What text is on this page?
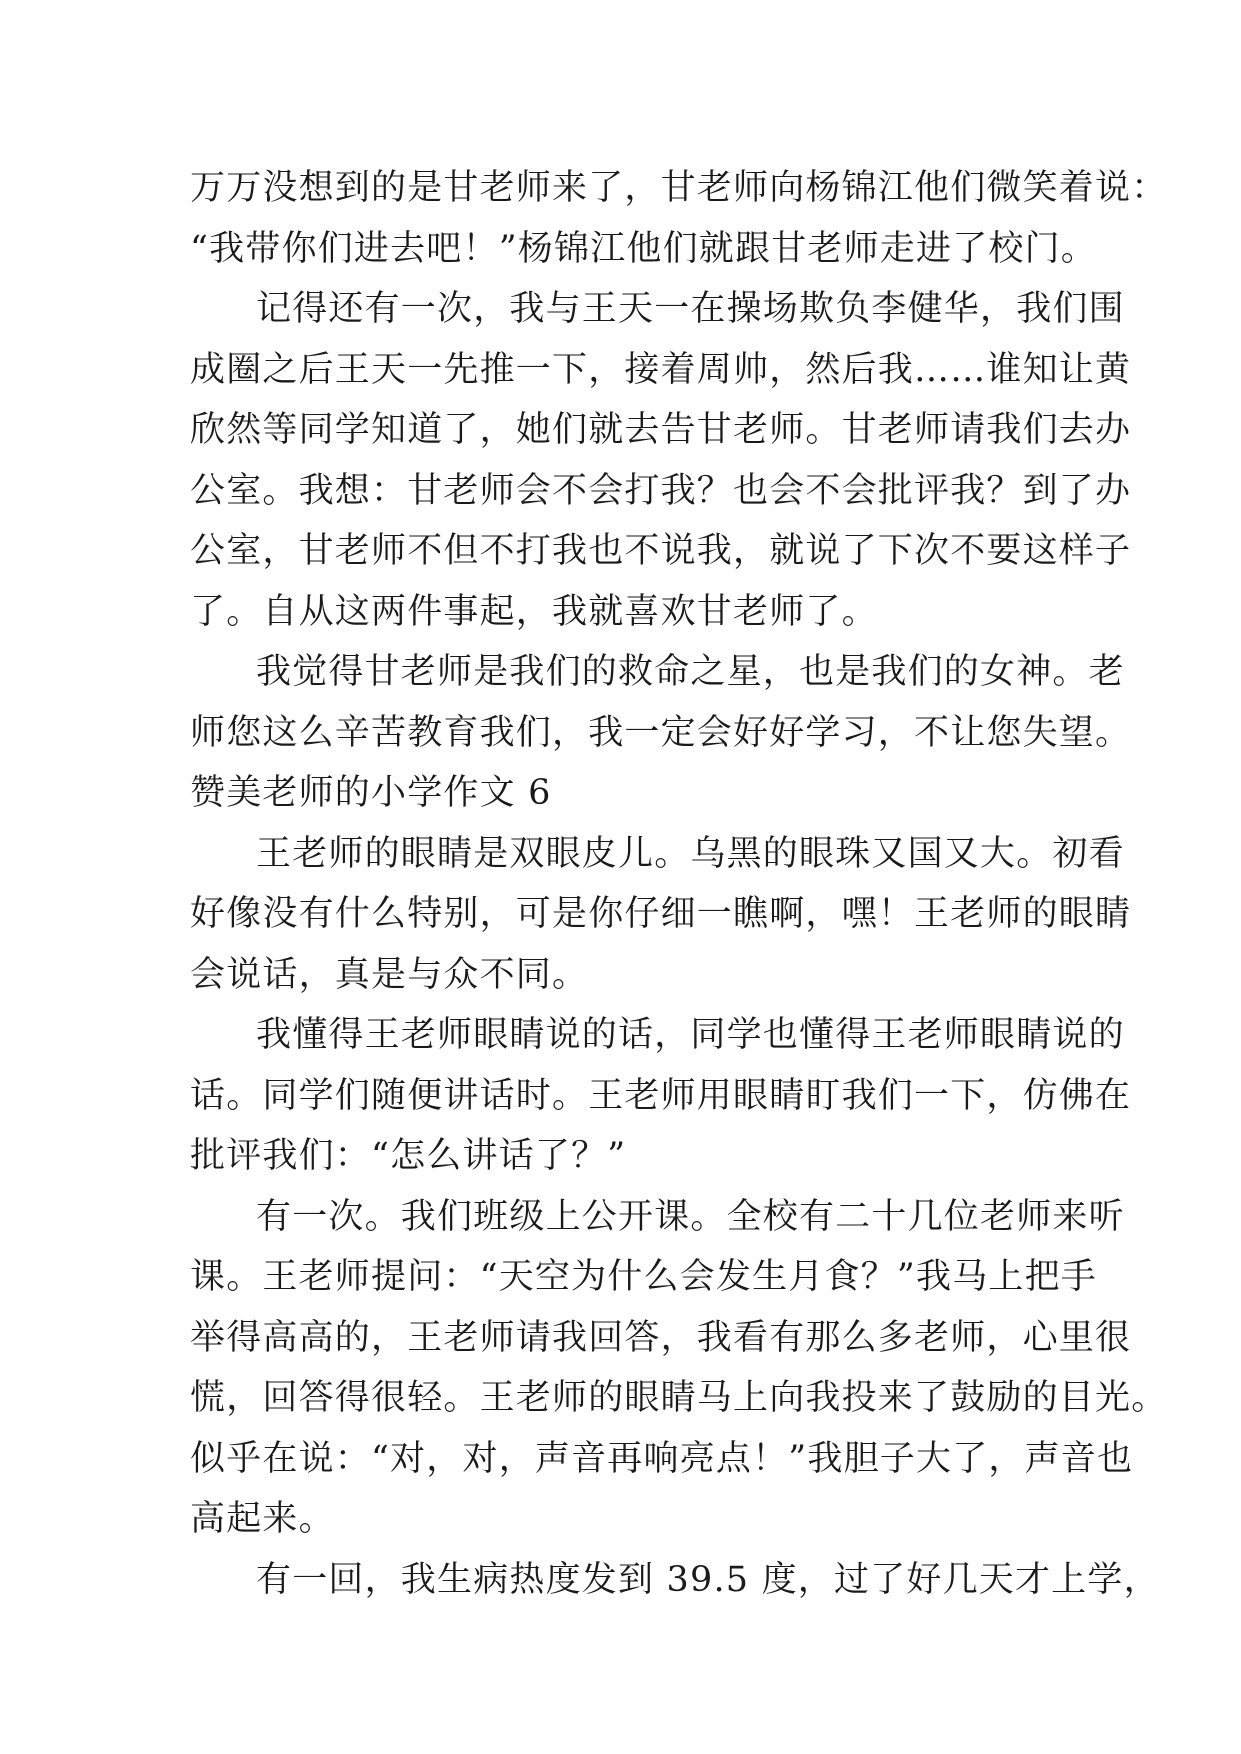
万万没想到的是甘老师来了，甘老师向杨锦江他们微笑着说：
“我带你们进去吧！”杨锦江他们就跟甘老师走进了校门。
记得还有一次，我与王天一在操场欺负李健华，我们围
成圈之后王天一先推一下，接着周帅，然后我……谁知让黄
欣然等同学知道了，她们就去告甘老师。甘老师请我们去办
公室。我想：甘老师会不会打我？也会不会批评我？到了办
公室，甘老师不但不打我也不说我，就说了下次不要这样子
了。自从这两件事起，我就喜欢甘老师了。
我觉得甘老师是我们的救命之星，也是我们的女神。老
师您这么辛苦教育我们，我一定会好好学习，不让您失望。
赞美老师的小学作文 6
王老师的眼睛是双眼皮儿。乌黑的眼珠又国又大。初看
好像没有什么特别，可是你仔细一瞧啊，嘿！王老师的眼睛
会说话，真是与众不同。
我懂得王老师眼睛说的话，同学也懂得王老师眼睛说的
话。同学们随便讲话时。王老师用眼睛盯我们一下，仿佛在
批评我们：“怎么讲话了？”
有一次。我们班级上公开课。全校有二十几位老师来听
课。王老师提问：“天空为什么会发生月食？”我马上把手
举得高高的，王老师请我回答，我看有那么多老师，心里很
慌，回答得很轻。王老师的眼睛马上向我投来了鼓励的目光。
似乎在说：“对，对，声音再响亮点！”我胆子大了，声音也
高起来。
有一回，我生病热度发到 39.5 度，过了好几天才上学，
